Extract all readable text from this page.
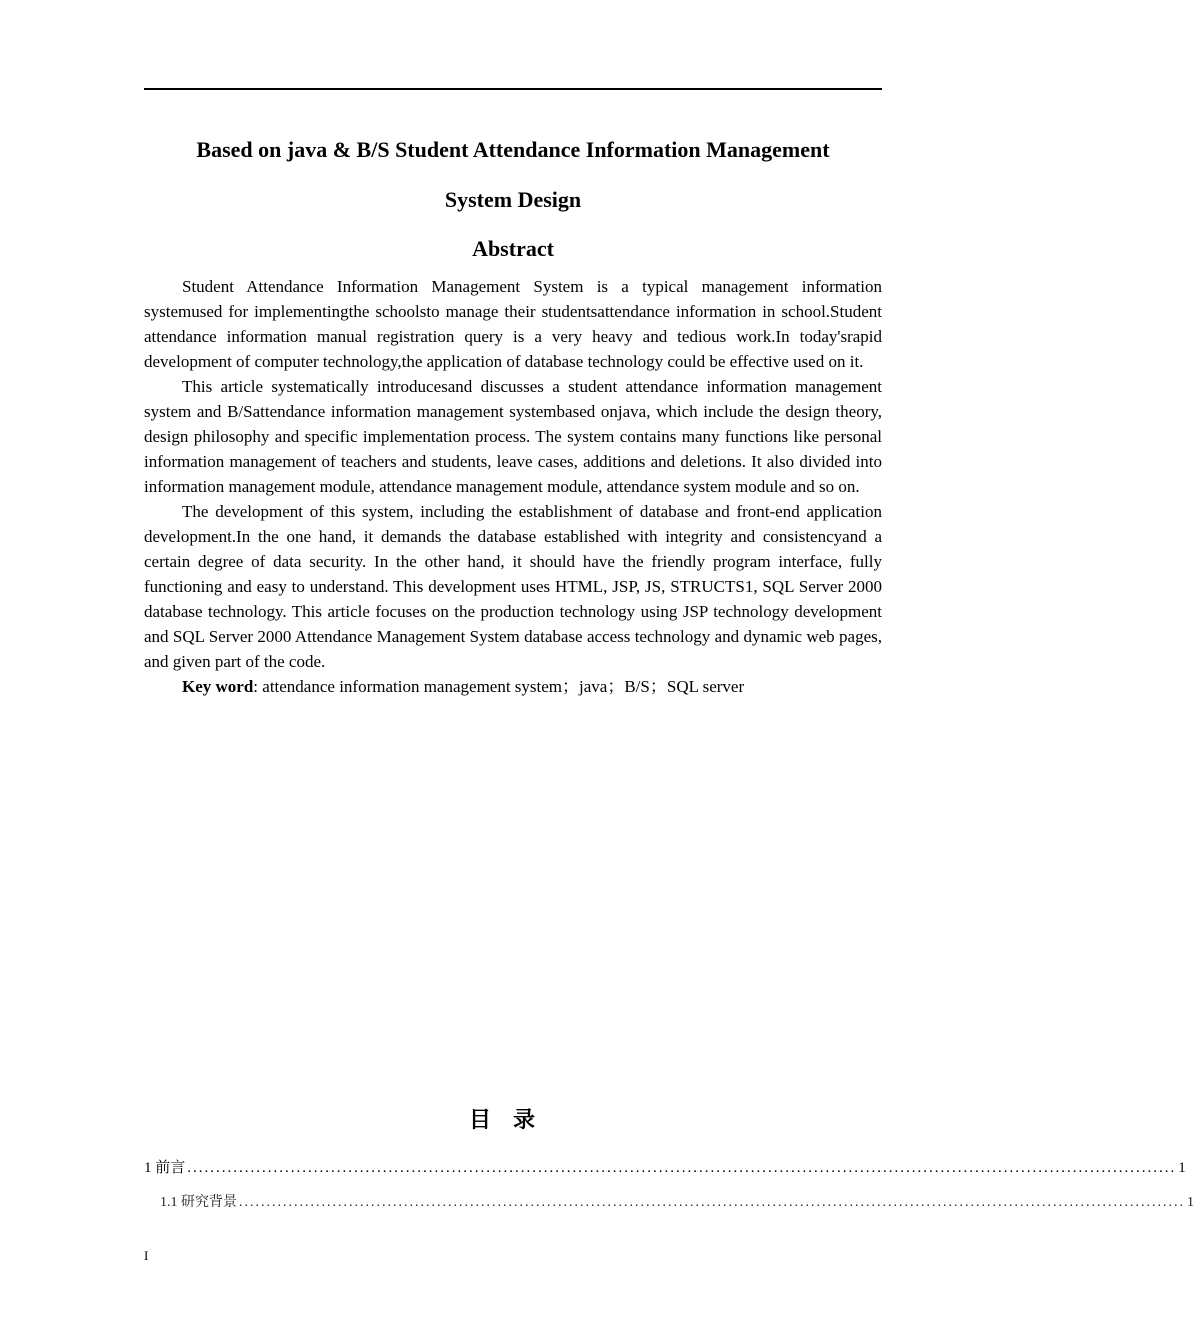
Based on java & B/S Student Attendance Information Management
System Design
Abstract

Student Attendance Information Management System is a typical management information systemused for implementingthe schoolsto manage their studentsattendance information in school.Student attendance information manual registration query is a very heavy and tedious work.In today'srapid development of computer technology,the application of database technology could be effective used on it.

This article systematically introducesand discusses a student attendance information management system and B/Sattendance information management systembased onjava, which include the design theory, design philosophy and specific implementation process. The system contains many functions like personal information management of teachers and students, leave cases, additions and deletions. It also divided into information management module, attendance management module, attendance system module and so on.

The development of this system, including the establishment of database and front-end application development.In the one hand, it demands the database established with integrity and consistencyand a certain degree of data security. In the other hand, it should have the friendly program interface, fully functioning and easy to understand. This development uses HTML, JSP, JS, STRUCTS1, SQL Server 2000 database technology. This article focuses on the production technology using JSP technology development and SQL Server 2000 Attendance Management System database access technology and dynamic web pages, and given part of the code.

Key word: attendance information management system；java；B/S；SQL server

目录
1 前言 ............................................................................................................................................................................ 1
1.1 研究背景 ............................................................................................................................................................................ 1
I
